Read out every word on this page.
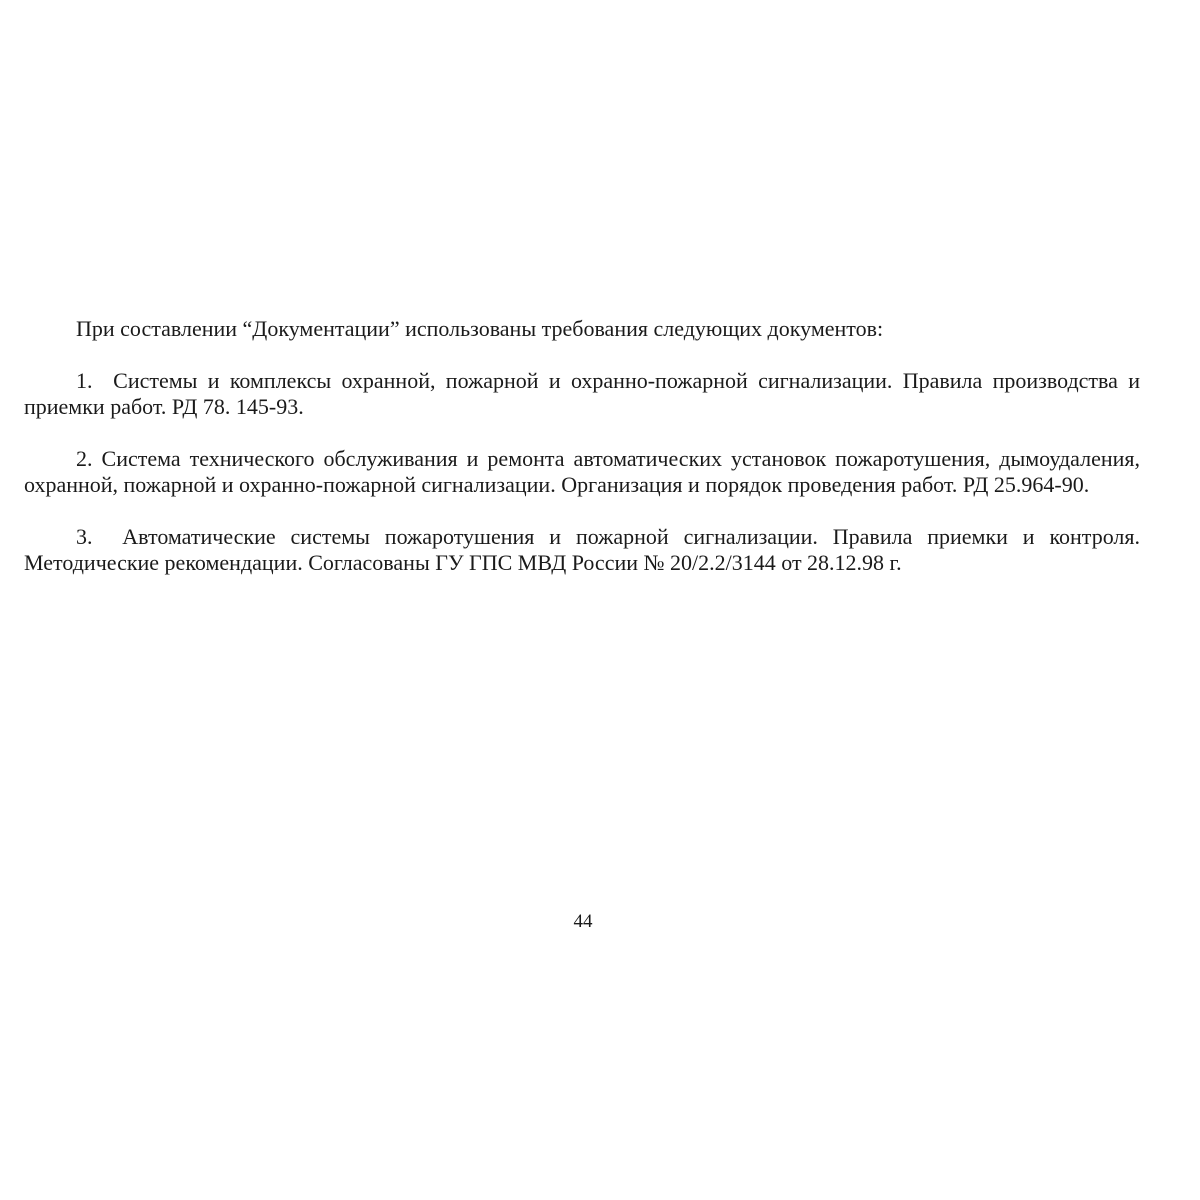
При составлении “Документации” использованы требования следующих документов:

1. Системы и комплексы охранной, пожарной и охранно-пожарной сигнализации. Правила производства и приемки работ. РД 78. 145-93.

2. Система технического обслуживания и ремонта автоматических установок пожаротушения, дымоудаления, охранной, пожарной и охранно-пожарной сигнализации. Организация и порядок проведения работ. РД 25.964-90.

3. Автоматические системы пожаротушения и пожарной сигнализации. Правила приемки и контроля. Методические рекомендации. Согласованы ГУ ГПС МВД России № 20/2.2/3144 от 28.12.98 г.

44
